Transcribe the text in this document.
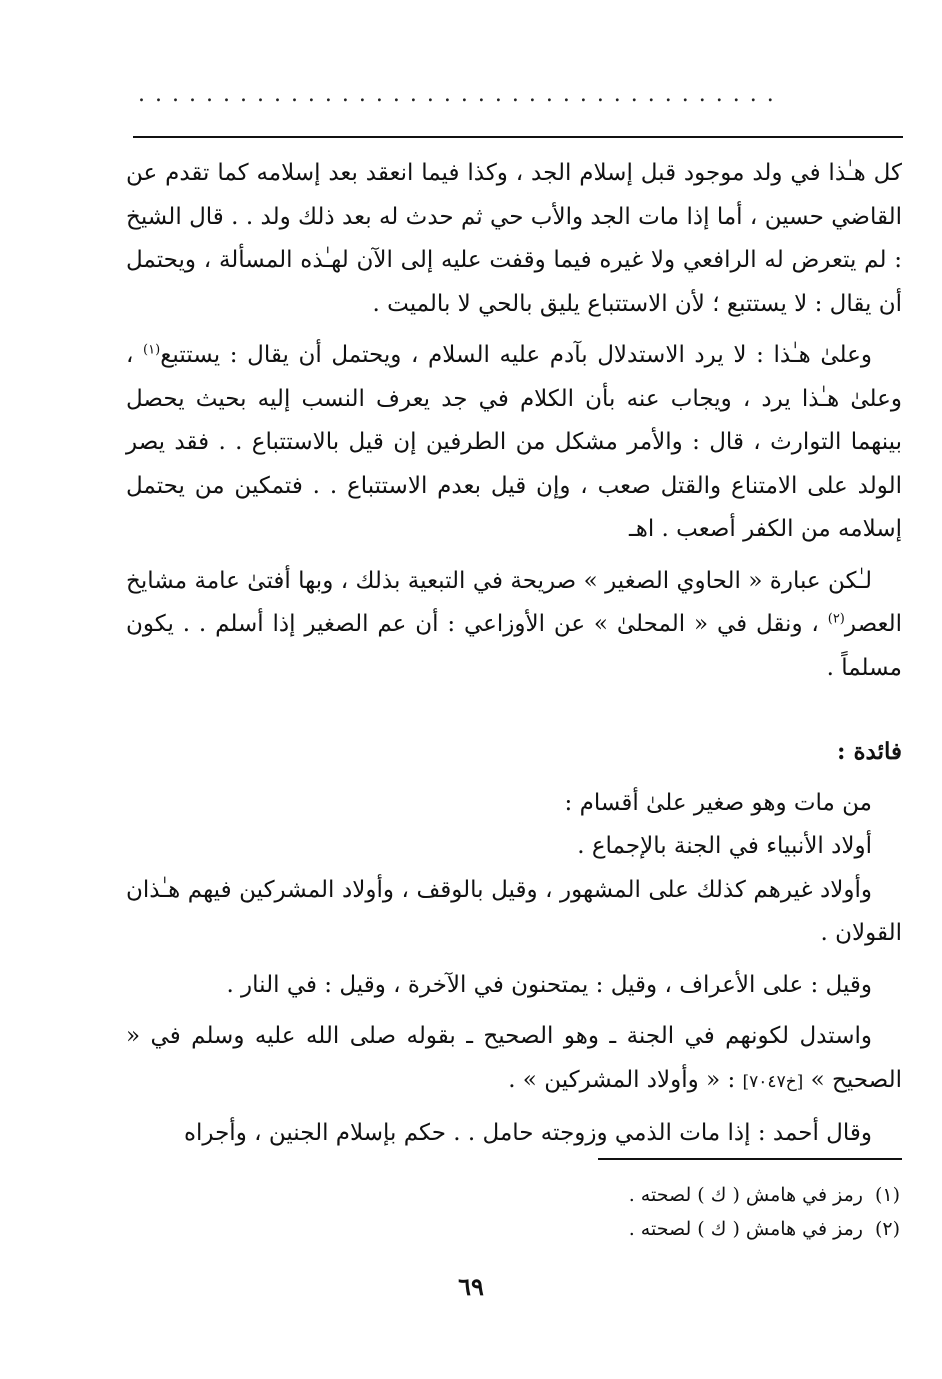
......................................

كل هـٰذا في ولد موجود قبل إسلام الجد ، وكذا فيما انعقد بعد إسلامه كما تقدم عن القاضي حسين ، أما إذا مات الجد والأب حي ثم حدث له بعد ذلك ولد . . قال الشيخ : لم يتعرض له الرافعي ولا غيره فيما وقفت عليه إلى الآن لهـٰذه المسألة ، ويحتمل أن يقال : لا يستتبع ؛ لأن الاستتباع يليق بالحي لا بالميت .

وعلىٰ هـٰذا : لا يرد الاستدلال بآدم عليه السلام ، ويحتمل أن يقال : يستتبع$^{(١)}$ ، وعلىٰ هـٰذا يرد ، ويجاب عنه بأن الكلام في جد يعرف النسب إليه بحيث يحصل بينهما التوارث ، قال : والأمر مشكل من الطرفين إن قيل بالاستتباع . . فقد يصر الولد على الامتناع والقتل صعب ، وإن قيل بعدم الاستتباع . . فتمكين من يحتمل إسلامه من الكفر أصعب . اهـ

لـٰكن عبارة « الحاوي الصغير » صريحة في التبعية بذلك ، وبها أفتىٰ عامة مشايخ العصر$^{(٢)}$ ، ونقل في « المحلىٰ » عن الأوزاعي : أن عم الصغير إذا أسلم . . يكون مسلماً .

فائدة :

من مات وهو صغير علىٰ أقسام :

أولاد الأنبياء في الجنة بالإجماع .

وأولاد غيرهم كذلك على المشهور ، وقيل بالوقف ، وأولاد المشركين فيهم هـٰذان القولان .

وقيل : على الأعراف ، وقيل : يمتحنون في الآخرة ، وقيل : في النار .

واستدل لكونهم في الجنة ـ وهو الصحيح ـ بقوله صلى الله عليه وسلم في « الصحيح » [خ٧٠٤٧] : « وأولاد المشركين » .

وقال أحمد : إذا مات الذمي وزوجته حامل . . حكم بإسلام الجنين ، وأجراه

(١)رمز في هامش ( ك ) لصحته .
(٢)رمز في هامش ( ك ) لصحته .
٦٩
